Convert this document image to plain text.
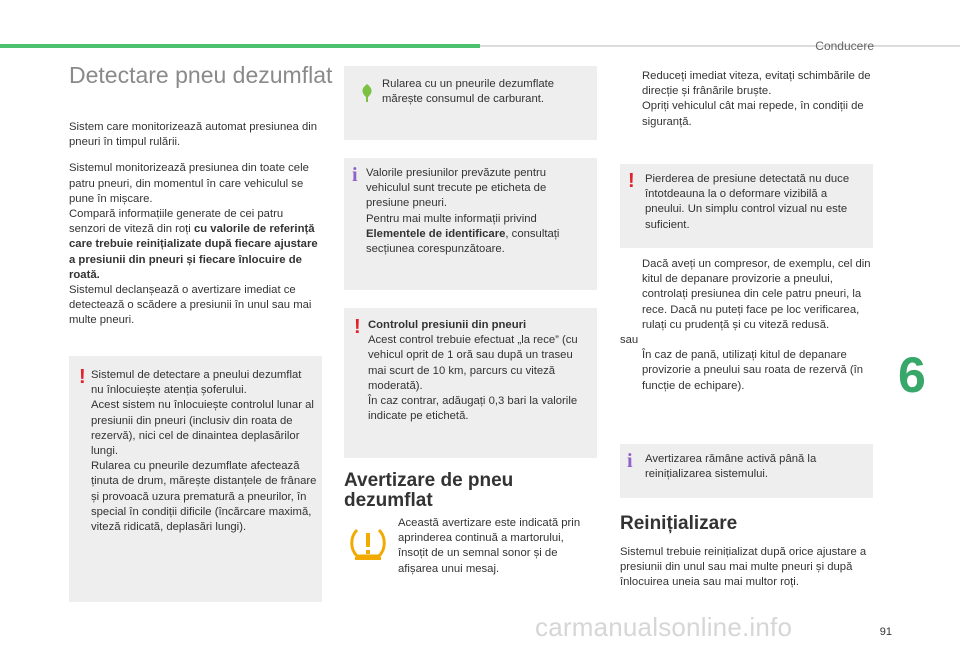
Conducere
Detectare pneu dezumflat

Sistem care monitorizează automat presiunea din pneuri în timpul rulării.

Sistemul monitorizează presiunea din toate cele patru pneuri, din momentul în care vehiculul se pune în mișcare.

Compară informațiile generate de cei patru senzori de viteză din roți cu valorile de referință care trebuie reinițializate după fiecare ajustare a presiunii din pneuri și fiecare înlocuire de roată.

Sistemul declanșează o avertizare imediat ce detectează o scădere a presiunii în unul sau mai multe pneuri.

! Sistemul de detectare a pneului dezumflat nu înlocuiește atenția șoferului.
Acest sistem nu înlocuiește controlul lunar al presiunii din pneuri (inclusiv din roata de rezervă), nici cel de dinaintea deplasărilor lungi.
Rularea cu pneurile dezumflate afectează ținuta de drum, mărește distanțele de frânare și provoacă uzura prematură a pneurilor, în special în condiții dificile (încărcare maximă, viteză ridicată, deplasări lungi).
Rularea cu un pneurile dezumflate mărește consumul de carburant.
i Valorile presiunilor prevăzute pentru vehiculul sunt trecute pe eticheta de presiune pneuri.
Pentru mai multe informații privind Elementele de identificare, consultați secțiunea corespunzătoare.
! Controlul presiunii din pneuri
Acest control trebuie efectuat „la rece” (cu vehicul oprit de 1 oră sau după un traseu mai scurt de 10 km, parcurs cu viteză moderată).
În caz contrar, adăugați 0,3 bari la valorile indicate pe etichetă.
Avertizare de pneu dezumflat
Această avertizare este indicată prin aprinderea continuă a martorului, însoțit de un semnal sonor și de afișarea unui mesaj.
Reduceți imediat viteza, evitați schimbările de direcție și frânările bruște.
Opriți vehiculul cât mai repede, în condiții de siguranță.
! Pierderea de presiune detectată nu duce întotdeauna la o deformare vizibilă a pneului. Un simplu control vizual nu este suficient.
Dacă aveți un compresor, de exemplu, cel din kitul de depanare provizorie a pneului, controlați presiunea din cele patru pneuri, la rece. Dacă nu puteți face pe loc verificarea, rulați cu prudență și cu viteză redusă.
sau
În caz de pană, utilizați kitul de depanare provizorie a pneului sau roata de rezervă (în funcție de echipare).
i Avertizarea rămâne activă până la reinițializarea sistemului.
Reinițializare
Sistemul trebuie reinițializat după orice ajustare a presiunii din unul sau mai multe pneuri și după înlocuirea uneia sau mai multor roți.
6
91
carmanualsonline.info
